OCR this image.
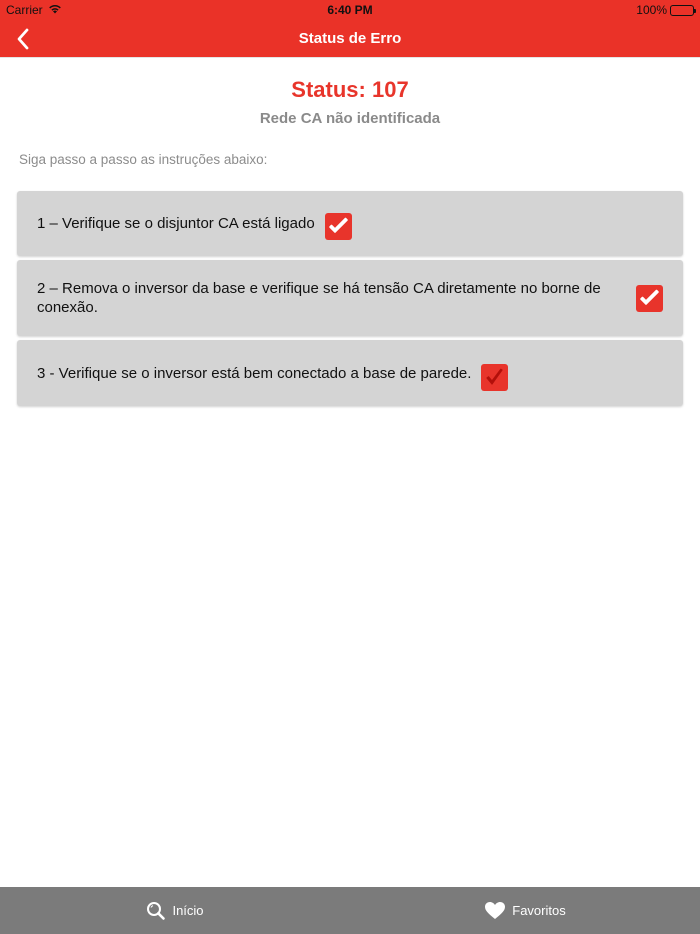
Carrier	6:40 PM	100%
Status de Erro
Status: 107
Rede CA não identificada
Siga passo a passo as instruções abaixo:
1 – Verifique se o disjuntor CA está ligado
2 – Remova o inversor da base e verifique se há tensão CA diretamente no borne de conexão.
3 - Verifique se o inversor está bem conectado a base de parede.
Início	Favoritos
